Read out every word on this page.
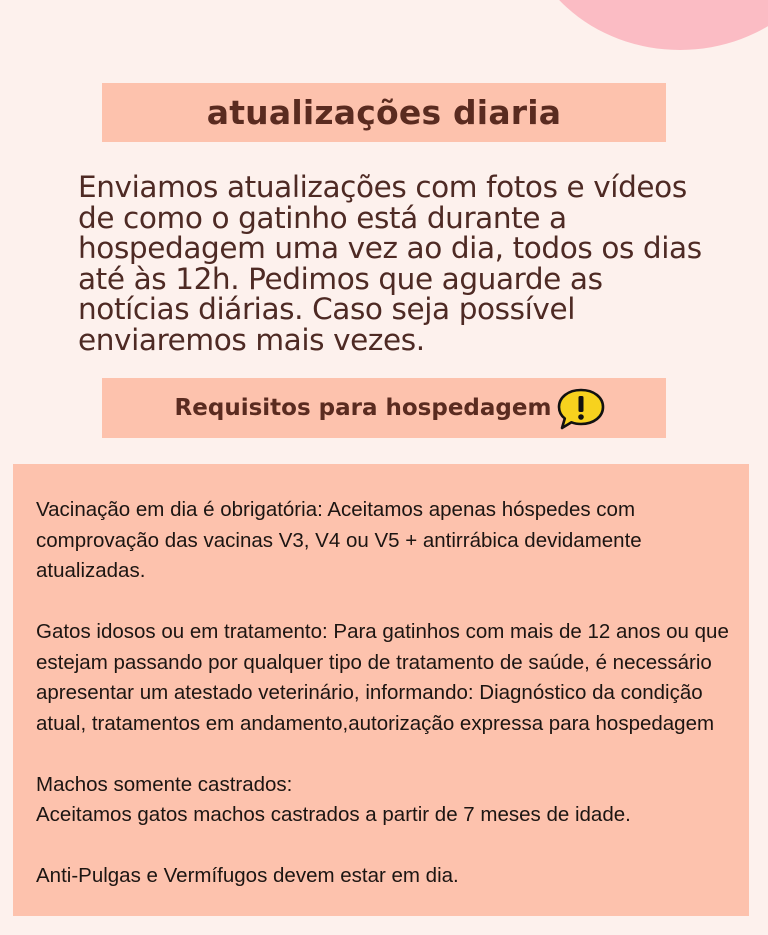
atualizações diaria

Enviamos atualizações com fotos e vídeos de como o gatinho está durante a hospedagem uma vez ao dia, todos os dias até às 12h. Pedimos que aguarde as notícias diárias. Caso seja possível enviaremos mais vezes.

Requisitos para hospedagem

Vacinação em dia é obrigatória: Aceitamos apenas hóspedes com comprovação das vacinas V3, V4 ou V5 + antirrábica devidamente atualizadas.

Gatos idosos ou em tratamento: Para gatinhos com mais de 12 anos ou que estejam passando por qualquer tipo de tratamento de saúde, é necessário apresentar um atestado veterinário, informando: Diagnóstico da condição atual, tratamentos em andamento,autorização expressa para hospedagem

Machos somente castrados:

Aceitamos gatos machos castrados a partir de 7 meses de idade.

Anti-Pulgas e Vermífugos devem estar em dia.
